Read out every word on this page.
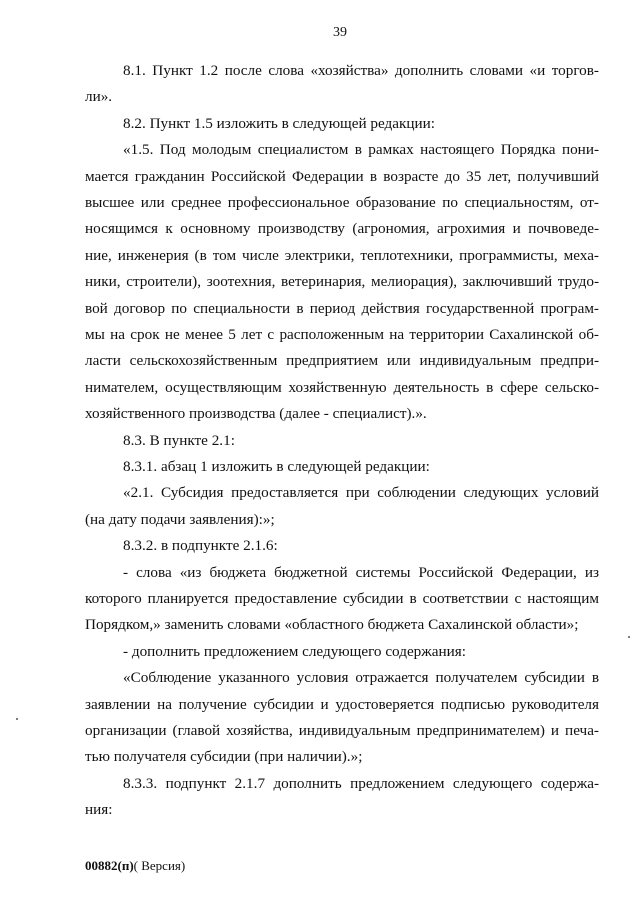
39
8.1. Пункт 1.2 после слова «хозяйства» дополнить словами «и торгов-
ли».
8.2. Пункт 1.5 изложить в следующей редакции:
«1.5. Под молодым специалистом в рамках настоящего Порядка пони-
мается гражданин Российской Федерации в возрасте до 35 лет, получивший
высшее или среднее профессиональное образование по специальностям, от-
носящимся к основному производству (агрономия, агрохимия и почвоведе-
ние, инженерия (в том числе электрики, теплотехники, программисты, меха-
ники, строители), зоотехния, ветеринария, мелиорация), заключивший трудо-
вой договор по специальности в период действия государственной програм-
мы на срок не менее 5 лет с расположенным на территории Сахалинской об-
ласти сельскохозяйственным предприятием или индивидуальным предпри-
нимателем, осуществляющим хозяйственную деятельность в сфере сельско-
хозяйственного производства (далее - специалист).».
8.3. В пункте 2.1:
8.3.1. абзац 1 изложить в следующей редакции:
«2.1. Субсидия предоставляется при соблюдении следующих условий
(на дату подачи заявления):»;
8.3.2. в подпункте 2.1.6:
- слова «из бюджета бюджетной системы Российской Федерации, из
которого планируется предоставление субсидии в соответствии с настоящим
Порядком,» заменить словами «областного бюджета Сахалинской области»;
- дополнить предложением следующего содержания:
«Соблюдение указанного условия отражается получателем субсидии в
заявлении на получение субсидии и удостоверяется подписью руководителя
организации (главой хозяйства, индивидуальным предпринимателем) и печа-
тью получателя субсидии (при наличии).»;
8.3.3. подпункт 2.1.7 дополнить предложением следующего содержа-
ния:
00882(п)( Версия)
